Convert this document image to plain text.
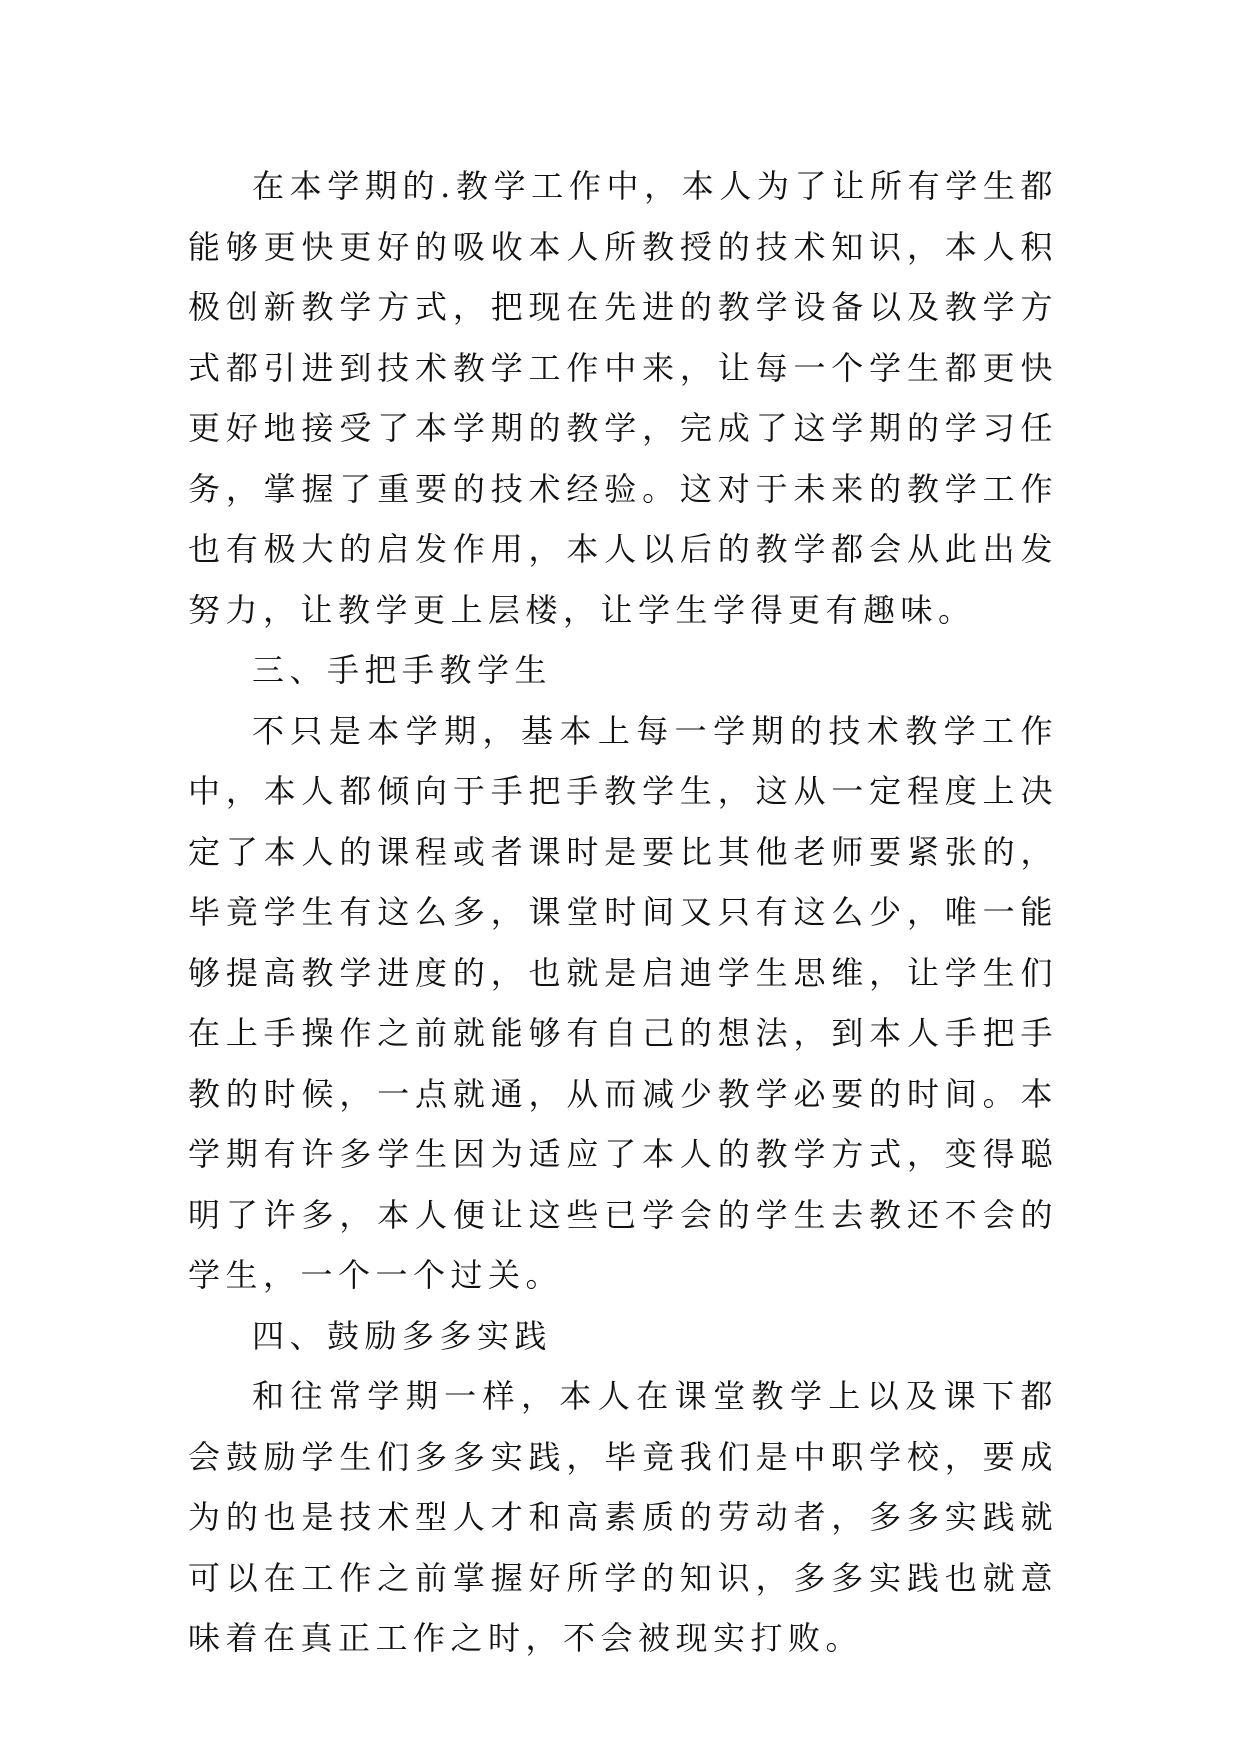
在本学期的.教学工作中，本人为了让所有学生都能够更快更好的吸收本人所教授的技术知识，本人积极创新教学方式，把现在先进的教学设备以及教学方式都引进到技术教学工作中来，让每一个学生都更快更好地接受了本学期的教学，完成了这学期的学习任务，掌握了重要的技术经验。这对于未来的教学工作也有极大的启发作用，本人以后的教学都会从此出发努力，让教学更上层楼，让学生学得更有趣味。

三、手把手教学生

不只是本学期，基本上每一学期的技术教学工作中，本人都倾向于手把手教学生，这从一定程度上决定了本人的课程或者课时是要比其他老师要紧张的，毕竟学生有这么多，课堂时间又只有这么少，唯一能够提高教学进度的，也就是启迪学生思维，让学生们在上手操作之前就能够有自己的想法，到本人手把手教的时候，一点就通，从而减少教学必要的时间。本学期有许多学生因为适应了本人的教学方式，变得聪明了许多，本人便让这些已学会的学生去教还不会的学生，一个一个过关。

四、鼓励多多实践

和往常学期一样，本人在课堂教学上以及课下都会鼓励学生们多多实践，毕竟我们是中职学校，要成为的也是技术型人才和高素质的劳动者，多多实践就可以在工作之前掌握好所学的知识，多多实践也就意味着在真正工作之时，不会被现实打败。
